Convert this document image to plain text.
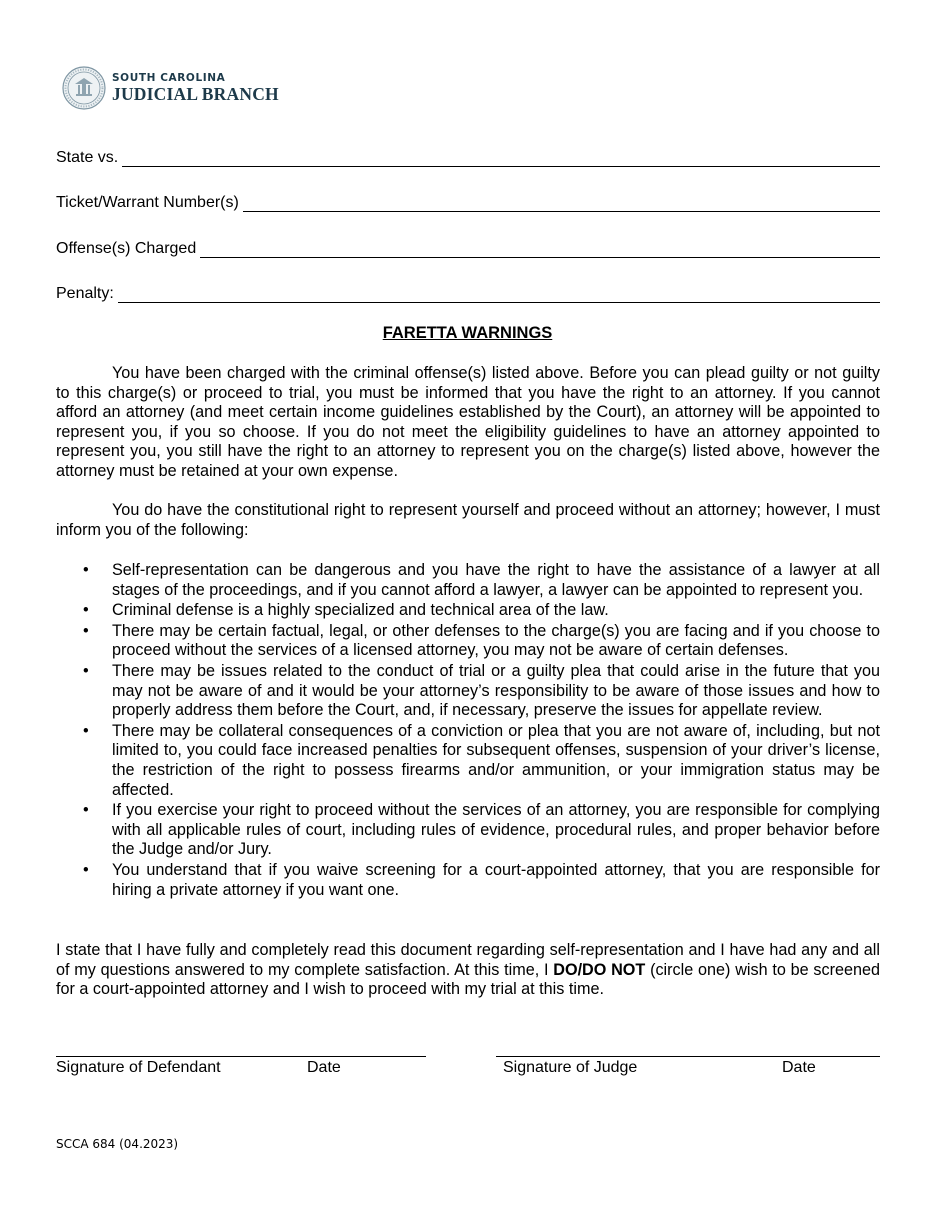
SOUTH CAROLINA
JUDICIAL BRANCH
State vs.
Ticket/Warrant Number(s)
Offense(s) Charged
Penalty:
FARETTA WARNINGS

You have been charged with the criminal offense(s) listed above. Before you can plead guilty or not guilty to this charge(s) or proceed to trial, you must be informed that you have the right to an attorney. If you cannot afford an attorney (and meet certain income guidelines established by the Court), an attorney will be appointed to represent you, if you so choose. If you do not meet the eligibility guidelines to have an attorney appointed to represent you, you still have the right to an attorney to represent you on the charge(s) listed above, however the attorney must be retained at your own expense.

You do have the constitutional right to represent yourself and proceed without an attorney; however, I must inform you of the following:

• Self-representation can be dangerous and you have the right to have the assistance of a lawyer at all stages of the proceedings, and if you cannot afford a lawyer, a lawyer can be appointed to represent you.
• Criminal defense is a highly specialized and technical area of the law.
• There may be certain factual, legal, or other defenses to the charge(s) you are facing and if you choose to proceed without the services of a licensed attorney, you may not be aware of certain defenses.
• There may be issues related to the conduct of trial or a guilty plea that could arise in the future that you may not be aware of and it would be your attorney’s responsibility to be aware of those issues and how to properly address them before the Court, and, if necessary, preserve the issues for appellate review.
• There may be collateral consequences of a conviction or plea that you are not aware of, including, but not limited to, you could face increased penalties for subsequent offenses, suspension of your driver’s license, the restriction of the right to possess firearms and/or ammunition, or your immigration status may be affected.
• If you exercise your right to proceed without the services of an attorney, you are responsible for complying with all applicable rules of court, including rules of evidence, procedural rules, and proper behavior before the Judge and/or Jury.
• You understand that if you waive screening for a court-appointed attorney, that you are responsible for hiring a private attorney if you want one.

I state that I have fully and completely read this document regarding self-representation and I have had any and all of my questions answered to my complete satisfaction. At this time, I DO/DO NOT (circle one) wish to be screened for a court-appointed attorney and I wish to proceed with my trial at this time.

Signature of Defendant	Date	Signature of Judge	Date
SCCA 684 (04.2023)
